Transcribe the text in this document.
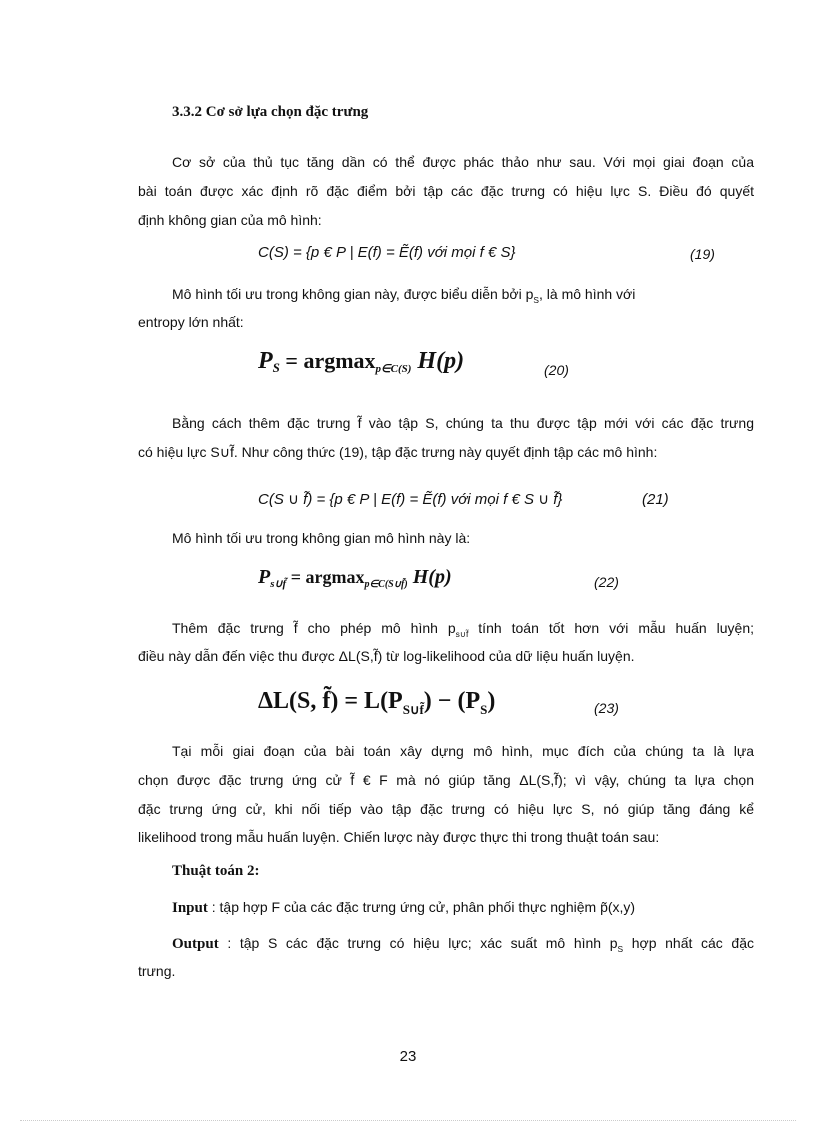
3.3.2 Cơ sở lựa chọn đặc trưng
Cơ sở của thủ tục tăng dần có thể được phác thảo như sau. Với mọi giai đoạn của
bài toán được xác định rõ đặc điểm bởi tập các đặc trưng có hiệu lực S. Điều đó quyết
định không gian của mô hình:
C(S) = {p € P | E(f) = Ẽ(f) với mọi f € S}	(19)
Mô hình tối ưu trong không gian này, được biểu diễn bởi $p_S$, là mô hình với
entropy lớn nhất:
$P_S = argmax_{p\in C(S)}$ H(p)	(20)
Bằng cách thêm đặc trưng f̃ vào tập S, chúng ta thu được tập mới với các đặc trưng
có hiệu lực S∪f̃. Như công thức (19), tập đặc trưng này quyết định tập các mô hình:
C(S ∪ f̃) = {p € P | E(f) = Ẽ(f) với mọi f € S ∪ f̃}	(21)
Mô hình tối ưu trong không gian mô hình này là:
$P_{s\cup f̃} = argmax_{p\in C(S\cup f̃)}$ H(p)	(22)
Thêm đặc trưng f̃ cho phép mô hình $p_{s\cup f̃}$ tính toán tốt hơn với mẫu huấn luyện;
điều này dẫn đến việc thu được ΔL(S,f̃) từ log-likelihood của dữ liệu huấn luyện.
ΔL(S, f̃) = $L(P_{S\cup f̃}) - (P_S)$	(23)
Tại mỗi giai đoạn của bài toán xây dựng mô hình, mục đích của chúng ta là lựa
chọn được đặc trưng ứng cử f̃ € F mà nó giúp tăng ΔL(S,f̃); vì vậy, chúng ta lựa chọn
đặc trưng ứng cử, khi nối tiếp vào tập đặc trưng có hiệu lực S, nó giúp tăng đáng kể
likelihood trong mẫu huấn luyện. Chiến lược này được thực thi trong thuật toán sau:
Thuật toán 2:
Input : tập hợp F của các đặc trưng ứng cử, phân phối thực nghiệm p̃(x,y)
Output : tập S các đặc trưng có hiệu lực; xác suất mô hình $p_S$ hợp nhất các đặc
trưng.
23
